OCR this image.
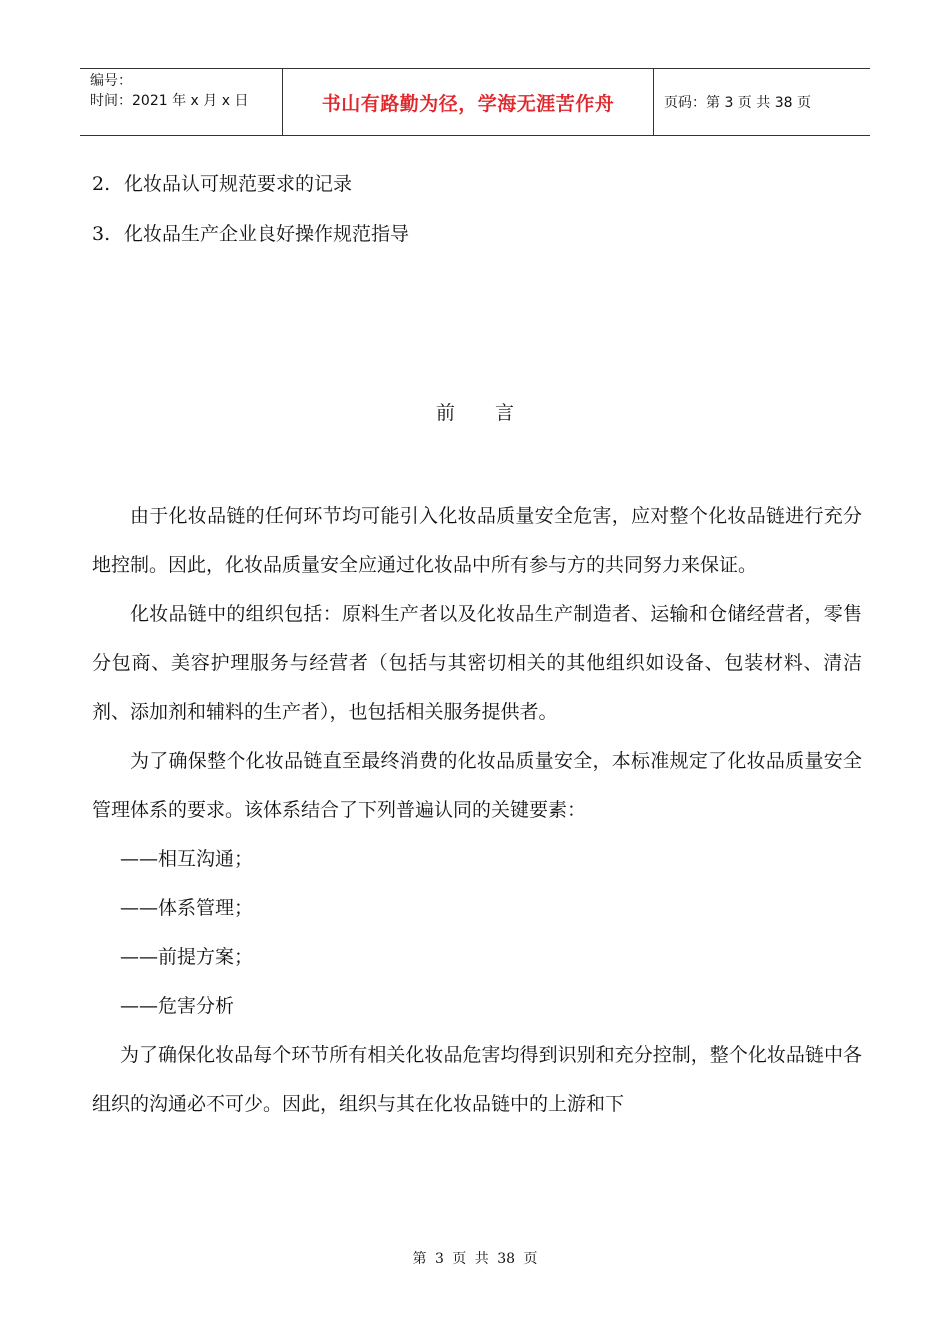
编号：
时间：2021 年 x 月 x 日	书山有路勤为径，学海无涯苦作舟	页码：第 3 页 共 38 页
2. 化妆品认可规范要求的记录
3. 化妆品生产企业良好操作规范指导
前言

由于化妆品链的任何环节均可能引入化妆品质量安全危害，应对整个化妆品链进行充分地控制。因此，化妆品质量安全应通过化妆品中所有参与方的共同努力来保证。

化妆品链中的组织包括：原料生产者以及化妆品生产制造者、运输和仓储经营者，零售分包商、美容护理服务与经营者（包括与其密切相关的其他组织如设备、包装材料、清洁剂、添加剂和辅料的生产者），也包括相关服务提供者。

为了确保整个化妆品链直至最终消费的化妆品质量安全，本标准规定了化妆品质量安全管理体系的要求。该体系结合了下列普遍认同的关键要素：

——相互沟通；

——体系管理；

——前提方案；

——危害分析

为了确保化妆品每个环节所有相关化妆品危害均得到识别和充分控制，整个化妆品链中各组织的沟通必不可少。因此，组织与其在化妆品链中的上游和下

第 3 页 共 38 页
